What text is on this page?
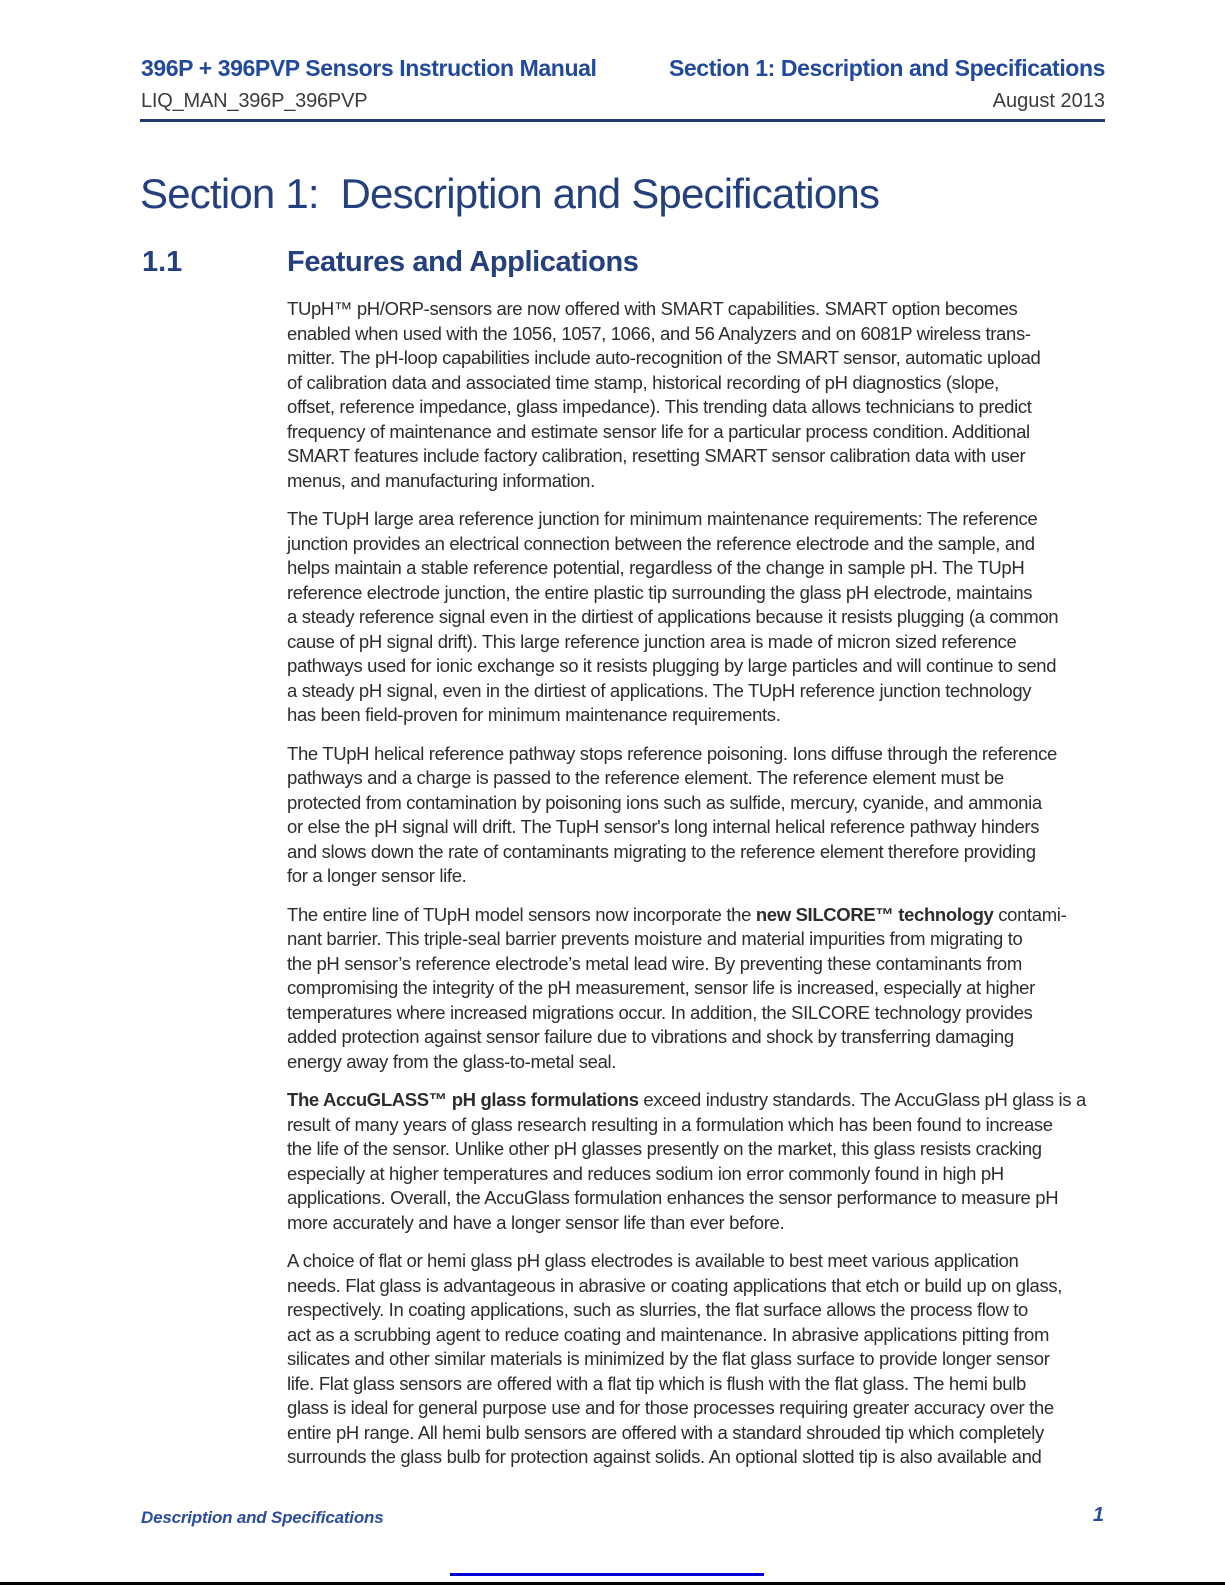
396P + 396PVP Sensors Instruction Manual
LIQ_MAN_396P_396PVP
Section 1: Description and Specifications
August 2013
Section 1:  Description and Specifications
1.1	Features and Applications
TUpH™ pH/ORP-sensors are now offered with SMART capabilities. SMART option becomes
enabled when used with the 1056, 1057, 1066, and 56 Analyzers and on 6081P wireless trans-
mitter. The pH-loop capabilities include auto-recognition of the SMART sensor, automatic upload
of calibration data and associated time stamp, historical recording of pH diagnostics (slope,
offset, reference impedance, glass impedance). This trending data allows technicians to predict
frequency of maintenance and estimate sensor life for a particular process condition. Additional
SMART features include factory calibration, resetting SMART sensor calibration data with user
menus, and manufacturing information.
The TUpH large area reference junction for minimum maintenance requirements: The reference
junction provides an electrical connection between the reference electrode and the sample, and
helps maintain a stable reference potential, regardless of the change in sample pH. The TUpH
reference electrode junction, the entire plastic tip surrounding the glass pH electrode, maintains
a steady reference signal even in the dirtiest of applications because it resists plugging (a common
cause of pH signal drift). This large reference junction area is made of micron sized reference
pathways used for ionic exchange so it resists plugging by large particles and will continue to send
a steady pH signal, even in the dirtiest of applications. The TUpH reference junction technology
has been field-proven for minimum maintenance requirements.
The TUpH helical reference pathway stops reference poisoning. Ions diffuse through the reference
pathways and a charge is passed to the reference element. The reference element must be
protected from contamination by poisoning ions such as sulfide, mercury, cyanide, and ammonia
or else the pH signal will drift. The TupH sensor's long internal helical reference pathway hinders
and slows down the rate of contaminants migrating to the reference element therefore providing
for a longer sensor life.
The entire line of TUpH model sensors now incorporate the new SILCORE™ technology contami-
nant barrier. This triple-seal barrier prevents moisture and material impurities from migrating to
the pH sensor’s reference electrode’s metal lead wire. By preventing these contaminants from
compromising the integrity of the pH measurement, sensor life is increased, especially at higher
temperatures where increased migrations occur. In addition, the SILCORE technology provides
added protection against sensor failure due to vibrations and shock by transferring damaging
energy away from the glass-to-metal seal.
The AccuGLASS™ pH glass formulations exceed industry standards. The AccuGlass pH glass is a
result of many years of glass research resulting in a formulation which has been found to increase
the life of the sensor. Unlike other pH glasses presently on the market, this glass resists cracking
especially at higher temperatures and reduces sodium ion error commonly found in high pH
applications. Overall, the AccuGlass formulation enhances the sensor performance to measure pH
more accurately and have a longer sensor life than ever before.
A choice of flat or hemi glass pH glass electrodes is available to best meet various application
needs. Flat glass is advantageous in abrasive or coating applications that etch or build up on glass,
respectively. In coating applications, such as slurries, the flat surface allows the process flow to
act as a scrubbing agent to reduce coating and maintenance. In abrasive applications pitting from
silicates and other similar materials is minimized by the flat glass surface to provide longer sensor
life. Flat glass sensors are offered with a flat tip which is flush with the flat glass. The hemi bulb
glass is ideal for general purpose use and for those processes requiring greater accuracy over the
entire pH range. All hemi bulb sensors are offered with a standard shrouded tip which completely
surrounds the glass bulb for protection against solids. An optional slotted tip is also available and
Description and Specifications	1
